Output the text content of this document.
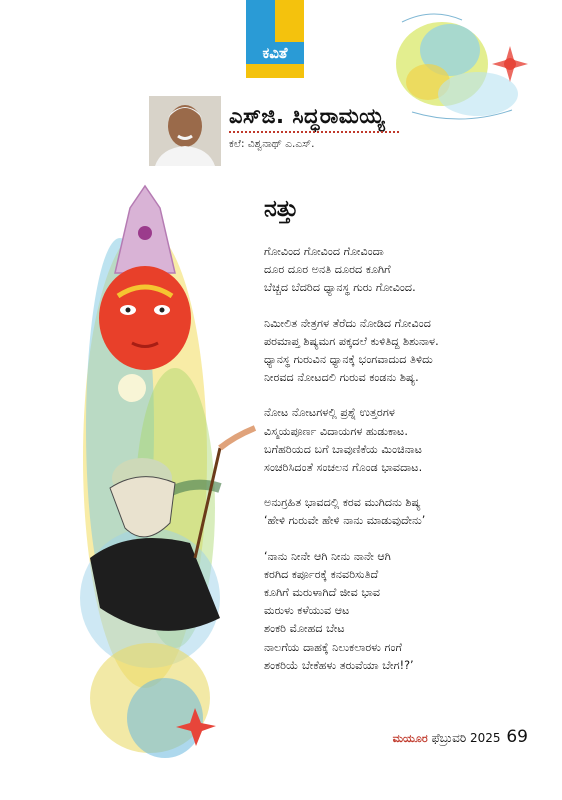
ಕವಿತೆ
ಎಸ್‌ಜಿ. ಸಿದ್ಧರಾಮಯ್ಯ
ಕಲೆ: ವಿಶ್ವನಾಥ್ ಎ.ಎಸ್.
ನತ್ತು
ಗೋವಿಂದ ಗೋವಿಂದ ಗೋವಿಂದಾ
ದೂರ ದೂರ ಅನತಿ ದೂರದ ಕೂಗಿಗೆ
ಬೆಚ್ಚದ ಬೆದರಿದ ಧ್ಯಾನಸ್ಥ ಗುರು ಗೋವಿಂದ.
ನಿಮೀಲಿತ ನೇತ್ರಗಳ ತೆರೆದು ನೋಡಿದ ಗೋವಿಂದ
ಪರಮಾಪ್ತ ಶಿಷ್ಯಮಗ ಪಕ್ಕದಲೆ ಕುಳಿತಿದ್ದ ಶಿಶುನಾಳ.
ಧ್ಯಾನಸ್ಥ ಗುರುವಿನ ಧ್ಯಾನಕ್ಕೆ ಭಂಗವಾದುದ ತಿಳಿದು
ನೀರವದ ನೋಟದಲಿ ಗುರುವ ಕಂಡನು ಶಿಷ್ಯ.
ನೋಟ ನೋಟಗಳಲ್ಲಿ ಪ್ರಶ್ನೆ ಉತ್ತರಗಳ
ವಿಸ್ಮಯಪೂರ್ಣ ವಿದಾಯಗಳ ಹುಡುಕಾಟ.
ಬಗೆಹರಿಯದ ಬಗೆ ಬಾವುಣಿಕೆಯ ಮಿಂಚಿನಾಟ
ಸಂಚರಿಸಿದಂತೆ ಸಂಚಲನ ಗೊಂಡ ಭಾವದಾಟ.
ಅನುಗ್ರಹಿತ ಭಾವದಲ್ಲಿ ಕರವ ಮುಗಿದನು ಶಿಷ್ಯ
‘ಹೇಳಿ ಗುರುವೇ ಹೇಳಿ ನಾನು ಮಾಡುವುದೇನು’
‘ನಾನು ನೀನೇ ಆಗಿ ನೀನು ನಾನೇ ಆಗಿ
ಕರಗಿದ ಕರ್ಪೂರಕ್ಕೆ ಕನವರಿಸುತಿದೆ
ಕೂಗಿಗೆ ಮರುಳಾಗಿದೆ ಜೀವ ಭಾವ
ಮರುಳು ಕಳೆಯುವ ಆಟ
ಶಂಕರಿ ಮೋಹದ ಬೇಟ
ನಾಲಗೆಯ ದಾಹಕ್ಕೆ ನಿಲುಕಲಾರಳು ಗಂಗೆ
ಶಂಕರಿಯೆ ಬೇಕೆಹಳು ತರುವೆಯಾ ಬೇಗ!?’
ಮಯೂರ ಫೆಬ್ರುವರಿ 2025 69
